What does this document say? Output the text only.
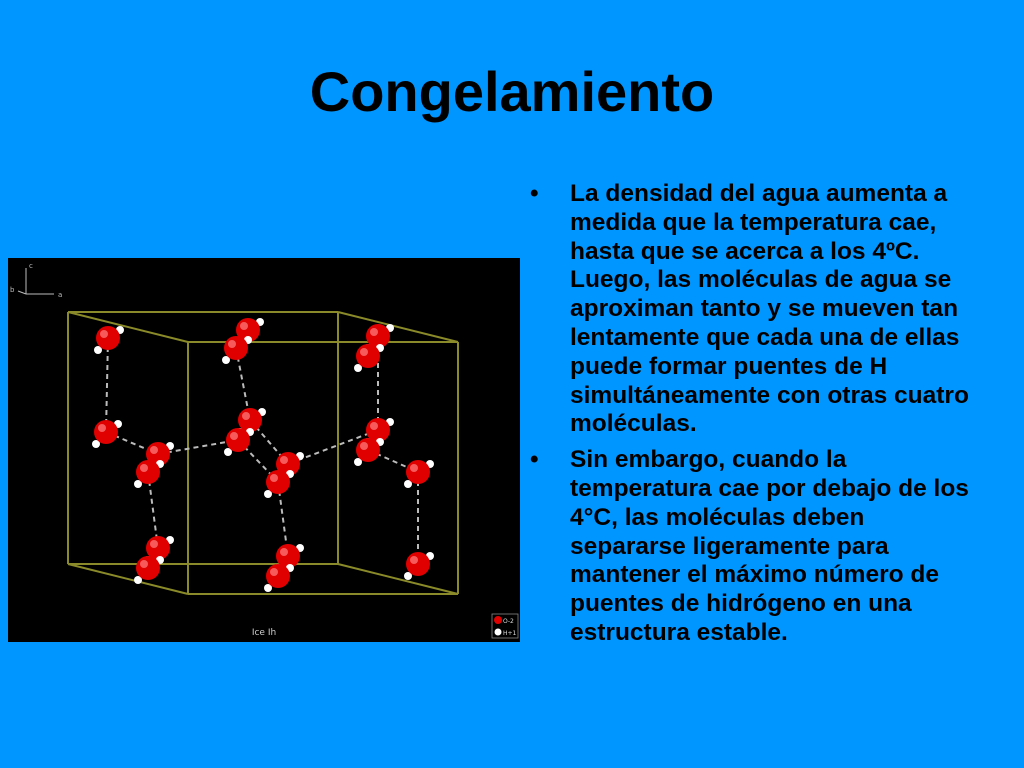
Congelamiento
c
b
a
Ice Ih
O-2
H+1
•	La densidad del agua aumenta a medida que la temperatura cae, hasta que se acerca a los 4ºC. Luego, las moléculas de agua se aproximan tanto y se mueven tan lentamente que cada una de ellas puede formar puentes de H simultáneamente con otras cuatro moléculas.
•	Sin embargo, cuando la temperatura cae por debajo de los 4°C, las moléculas deben separarse ligeramente para mantener el máximo número de puentes de hidrógeno en una estructura estable.
